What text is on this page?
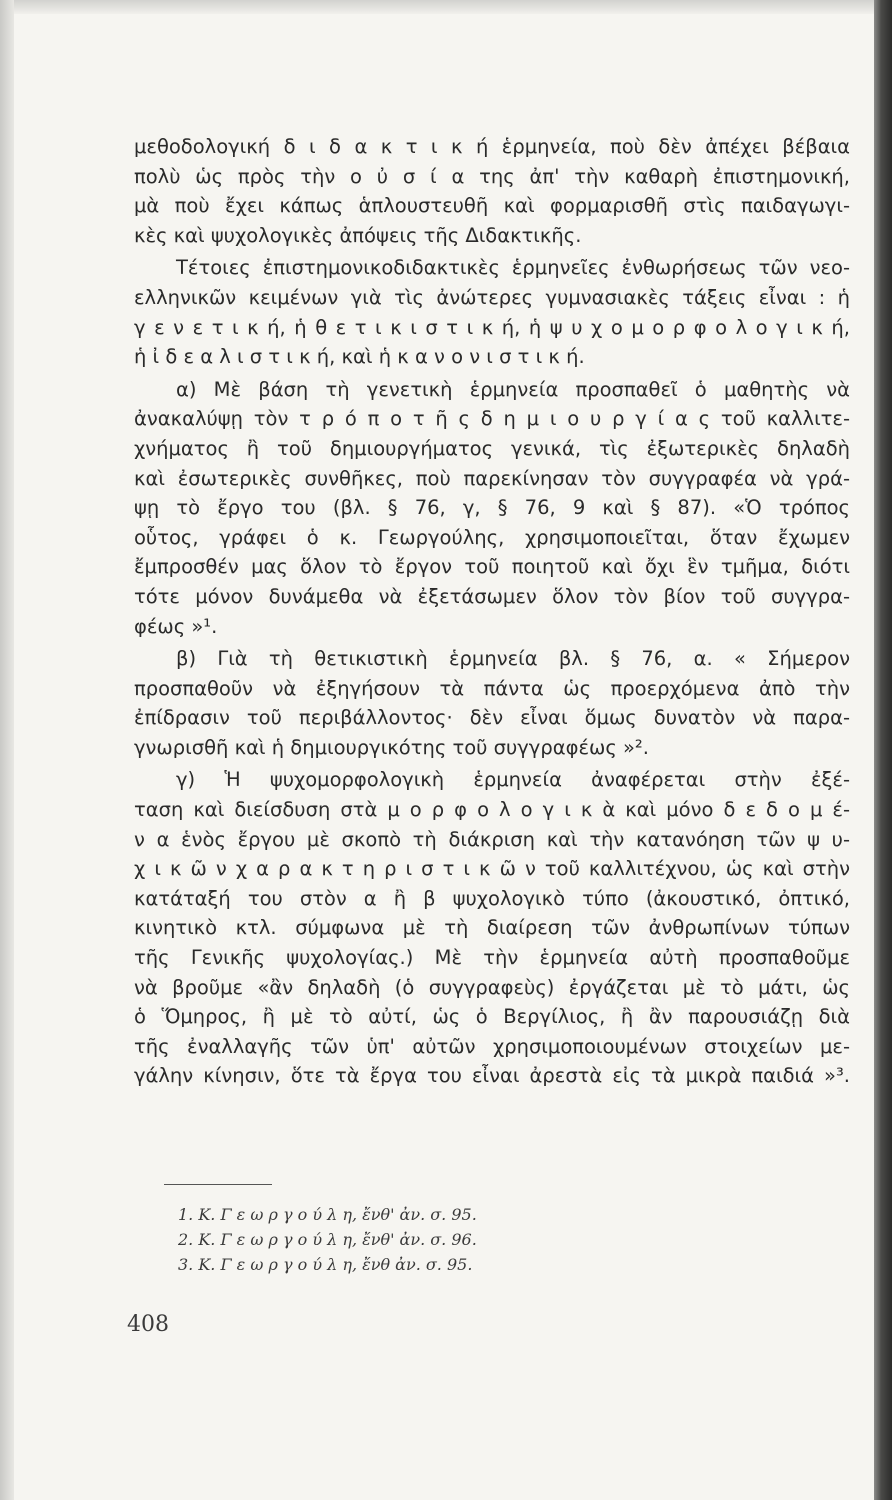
μεθοδολογική δ ι δ α κ τ ι κ ή ἑρμηνεία, ποὺ δὲν ἀπέχει βέβαια
πολὺ ὡς πρὸς τὴν ο ὐ σ ί α της ἀπ' τὴν καθαρὴ ἐπιστημονική,
μὰ ποὺ ἔχει κάπως ἁπλουστευθῆ καὶ φορμαρισθῆ στὶς παιδαγωγι-
κὲς καὶ ψυχολογικὲς ἀπόψεις τῆς Διδακτικῆς.
Τέτοιες ἐπιστημονικοδιδακτικὲς ἑρμηνεῖες ἐνθωρήσεως τῶν νεο-
ελληνικῶν κειμένων γιὰ τὶς ἀνώτερες γυμνασιακὲς τάξεις εἶναι : ἡ
γ ε ν ε τ ι κ ή, ἡ θ ε τ ι κ ι σ τ ι κ ή, ἡ ψ υ χ ο μ ο ρ φ ο λ ο γ ι κ ή,
ἡ ἰ δ ε α λ ι σ τ ι κ ή, καὶ ἡ κ α ν ο ν ι σ τ ι κ ή.
α) Μὲ βάση τὴ γενετικὴ ἑρμηνεία προσπαθεῖ ὁ μαθητὴς νὰ
ἀνακαλύψῃ τὸν τ ρ ό π ο τ ῆ ς δ η μ ι ο υ ρ γ ί α ς τοῦ καλλιτε-
χνήματος ἢ τοῦ δημιουργήματος γενικά, τὶς ἐξωτερικὲς δηλαδὴ
καὶ ἐσωτερικὲς συνθῆκες, ποὺ παρεκίνησαν τὸν συγγραφέα νὰ γρά-
ψῃ τὸ ἔργο του (βλ. § 76, γ, § 76, 9 καὶ § 87). «Ὁ τρόπος
οὗτος, γράφει ὁ κ. Γεωργούλης, χρησιμοποιεῖται, ὅταν ἔχωμεν
ἔμπροσθέν μας ὅλον τὸ ἔργον τοῦ ποιητοῦ καὶ ὄχι ἓν τμῆμα, διότι
τότε μόνον δυνάμεθα νὰ ἐξετάσωμεν ὅλον τὸν βίον τοῦ συγγρα-
φέως »¹.
β) Γιὰ τὴ θετικιστικὴ ἑρμηνεία βλ. § 76, α. « Σήμερον
προσπαθοῦν νὰ ἐξηγήσουν τὰ πάντα ὡς προερχόμενα ἀπὸ τὴν
ἐπίδρασιν τοῦ περιβάλλοντος· δὲν εἶναι ὅμως δυνατὸν νὰ παρα-
γνωρισθῆ καὶ ἡ δημιουργικότης τοῦ συγγραφέως »².
γ) Ἡ ψυχομορφολογικὴ ἑρμηνεία ἀναφέρεται στὴν ἐξέ-
ταση καὶ διείσδυση στὰ μ ο ρ φ ο λ ο γ ι κ ὰ καὶ μόνο δ ε δ ο μ έ-
ν α ἑνὸς ἔργου μὲ σκοπὸ τὴ διάκριση καὶ τὴν κατανόηση τῶν ψ υ-
χ ι κ ῶ ν χ α ρ α κ τ η ρ ι σ τ ι κ ῶ ν τοῦ καλλιτέχνου, ὡς καὶ στὴν
κατάταξή του στὸν α ἢ β ψυχολογικὸ τύπο (ἀκουστικό, ὀπτικό,
κινητικὸ κτλ. σύμφωνα μὲ τὴ διαίρεση τῶν ἀνθρωπίνων τύπων
τῆς Γενικῆς ψυχολογίας.) Μὲ τὴν ἑρμηνεία αὐτὴ προσπαθοῦμε
νὰ βροῦμε «ἂν δηλαδὴ (ὁ συγγραφεὺς) ἐργάζεται μὲ τὸ μάτι, ὡς
ὁ Ὅμηρος, ἢ μὲ τὸ αὐτί, ὡς ὁ Βεργίλιος, ἢ ἂν παρουσιάζῃ διὰ
τῆς ἐναλλαγῆς τῶν ὑπ' αὐτῶν χρησιμοποιουμένων στοιχείων με-
γάλην κίνησιν, ὅτε τὰ ἔργα του εἶναι ἀρεστὰ εἰς τὰ μικρὰ παιδιά »³.
1. Κ. Γ ε ω ρ γ ο ύ λ η, ἔνθ' ἀν. σ. 95.
2. Κ. Γ ε ω ρ γ ο ύ λ η, ἔνθ' ἀν. σ. 96.
3. Κ. Γ ε ω ρ γ ο ύ λ η, ἔνθ ἀν. σ. 95.
408
